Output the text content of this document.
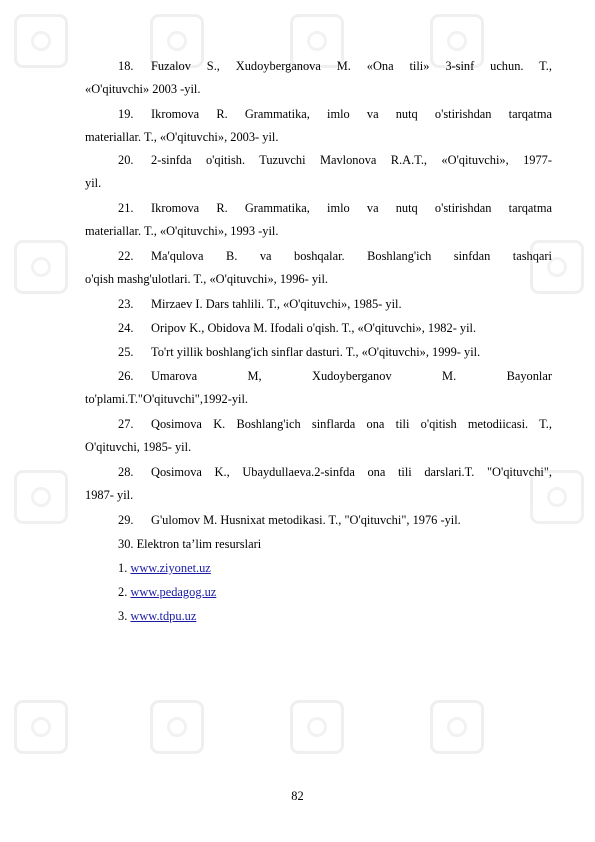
18.	Fuzalov S., Xudoyberganova M. «Ona tili» 3-sinf uchun. T.,
«O'qituvchi» 2003 -yil.
19.	Ikromova R. Grammatika, imlo va nutq o'stirishdan tarqatma
materiallar. T., «O'qituvchi», 2003- yil.
20.	2-sinfda o'qitish. Tuzuvchi Mavlonova R.A.T., «O'qituvchi», 1977-
yil.
21.	Ikromova R. Grammatika, imlo va nutq o'stirishdan tarqatma
materiallar. T., «O'qituvchi», 1993 -yil.
22.	Ma'qulova B. va boshqalar. Boshlang'ich sinfdan tashqari
o'qish mashg'ulotlari. T., «O'qituvchi», 1996- yil.
23.	Mirzaev I. Dars tahlili. T., «O'qituvchi», 1985- yil.
24.	Oripov K., Obidova M. Ifodali o'qish. T., «O'qituvchi», 1982- yil.
25.	To'rt yillik boshlang'ich sinflar dasturi. T., «O'qituvchi», 1999- yil.
26.	Umarova M, Xudoyberganov M. Bayonlar
to'plami.T."O'qituvchi",1992-yil.
27.	Qosimova K. Boshlang'ich sinflarda ona tili o'qitish metodiicasi. T.,
O'qituvchi, 1985- yil.
28.	Qosimova K., Ubaydullaeva.2-sinfda ona tili darslari.T. "O'qituvchi",
1987- yil.
29.	G'ulomov M. Husnixat metodikasi. T., "O'qituvchi", 1976 -yil.
30. Elektron ta’lim resurslari
1. www.ziyonet.uz
2. www.pedagog.uz
3. www.tdpu.uz
82
